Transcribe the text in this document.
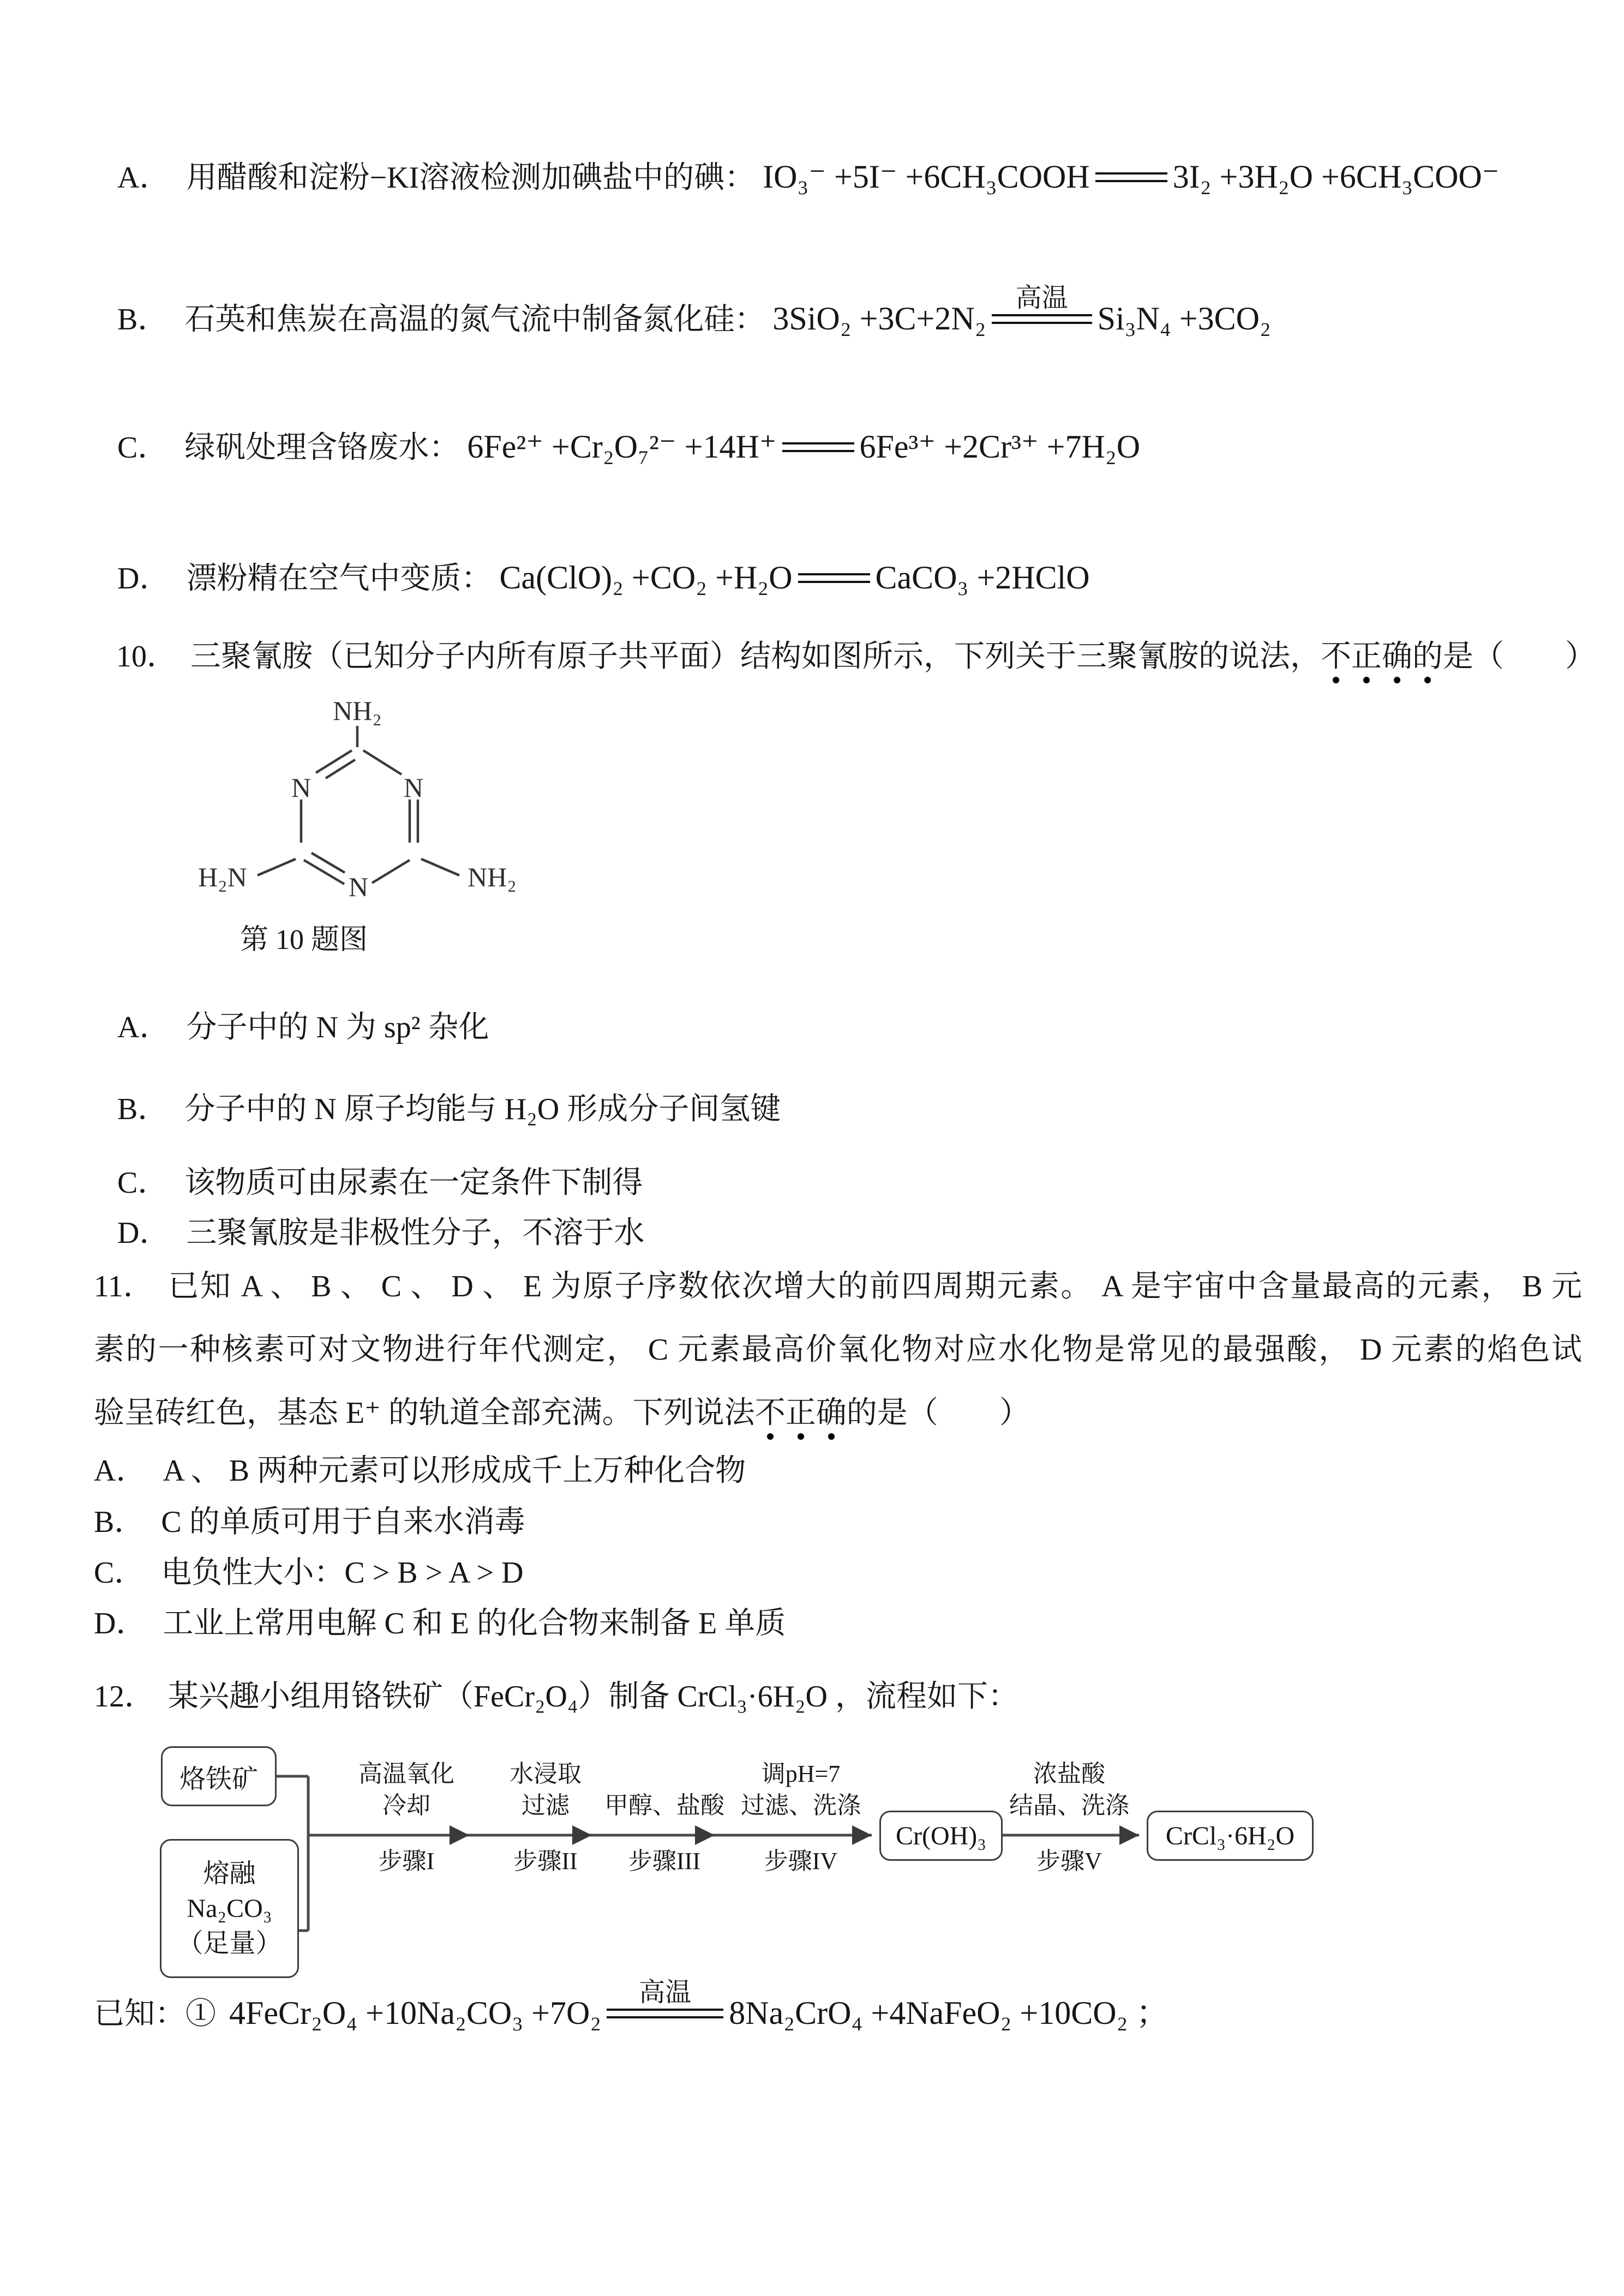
A． 用醋酸和淀粉−KI溶液检测加碘盐中的碘： IO₃⁻ +5I⁻ +6CH₃COOH	3I₂ +3H₂O +6CH₃COO⁻
B． 石英和焦炭在高温的氮气流中制备氮化硅： 3SiO₂ +3C+2N₂
高温
Si₃N₄ +3CO₂
C． 绿矾处理含铬废水： 6Fe²⁺ +Cr₂O₇²⁻ +14H⁺	6Fe³⁺ +2Cr³⁺ +7H₂O
D． 漂粉精在空气中变质： Ca(ClO)₂ +CO₂ +H₂O	CaCO₃ +2HClO
10． 三聚氰胺（已知分子内所有原子共平面）结构如图所示，下列关于三聚氰胺的说法，不正确的是（　　）
NH₂
N	N
N
H₂N	NH₂
第 10 题图
A． 分子中的 N 为 sp² 杂化
B． 分子中的 N 原子均能与 H₂O 形成分子间氢键
C． 该物质可由尿素在一定条件下制得
D． 三聚氰胺是非极性分子，不溶于水
11． 已知 A 、 B 、 C 、 D 、 E 为原子序数依次增大的前四周期元素。 A 是宇宙中含量最高的元素， B 元
素的一种核素可对文物进行年代测定， C 元素最高价氧化物对应水化物是常见的最强酸， D 元素的焰色试
验呈砖红色，基态 E⁺ 的轨道全部充满。下列说法不正确的是（　　）
A． A 、 B 两种元素可以形成成千上万种化合物
B． C 的单质可用于自来水消毒
C． 电负性大小：C > B > A > D
D． 工业上常用电解 C 和 E 的化合物来制备 E 单质
12． 某兴趣小组用铬铁矿（FeCr₂O₄）制备 CrCl₃·6H₂O ，流程如下：
烙铁矿
熔融
Na₂CO₃
（足量）
高温氧化
冷却
步骤I
水浸取
过滤
步骤II
甲醇、盐酸
步骤III
调pH=7
过滤、洗涤
步骤IV
浓盐酸
结晶、洗涤
步骤V
Cr(OH)₃	CrCl₃·6H₂O
已知：① 4FeCr₂O₄ +10Na₂CO₃ +7O₂
高温
8Na₂CrO₄ +4NaFeO₂ +10CO₂ ；
